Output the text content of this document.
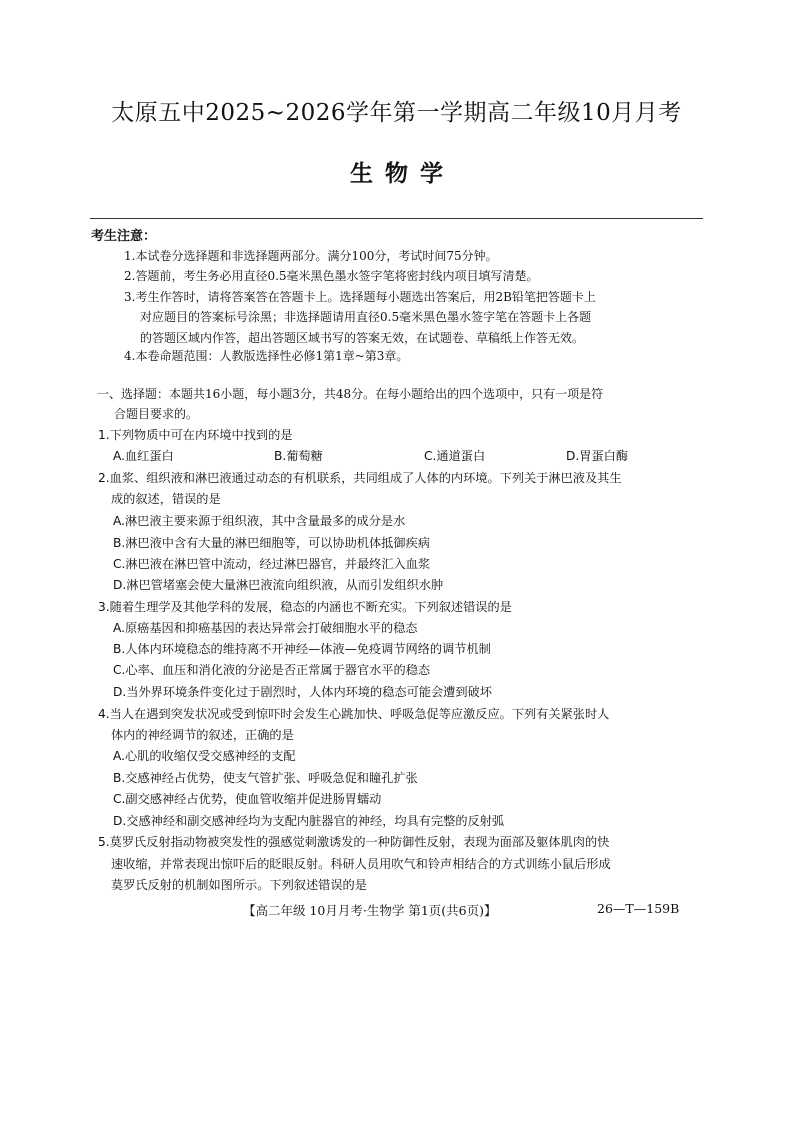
太原五中2025~2026学年第一学期高二年级10月月考
生物学
考生注意：
1.本试卷分选择题和非选择题两部分。满分100分，考试时间75分钟。
2.答题前，考生务必用直径0.5毫米黑色墨水签字笔将密封线内项目填写清楚。
3.考生作答时，请将答案答在答题卡上。选择题每小题选出答案后，用2B铅笔把答题卡上
对应题目的答案标号涂黑；非选择题请用直径0.5毫米黑色墨水签字笔在答题卡上各题
的答题区域内作答，超出答题区域书写的答案无效，在试题卷、草稿纸上作答无效。
4.本卷命题范围：人教版选择性必修1第1章~第3章。
一、选择题：本题共16小题，每小题3分，共48分。在每小题给出的四个选项中，只有一项是符
合题目要求的。
1.下列物质中可在内环境中找到的是
A.血红蛋白	B.葡萄糖	C.通道蛋白	D.胃蛋白酶
2.血浆、组织液和淋巴液通过动态的有机联系，共同组成了人体的内环境。下列关于淋巴液及其生
成的叙述，错误的是
A.淋巴液主要来源于组织液，其中含量最多的成分是水
B.淋巴液中含有大量的淋巴细胞等，可以协助机体抵御疾病
C.淋巴液在淋巴管中流动，经过淋巴器官，并最终汇入血浆
D.淋巴管堵塞会使大量淋巴液流向组织液，从而引发组织水肿
3.随着生理学及其他学科的发展，稳态的内涵也不断充实。下列叙述错误的是
A.原癌基因和抑癌基因的表达异常会打破细胞水平的稳态
B.人体内环境稳态的维持离不开神经—体液—免疫调节网络的调节机制
C.心率、血压和消化液的分泌是否正常属于器官水平的稳态
D.当外界环境条件变化过于剧烈时，人体内环境的稳态可能会遭到破坏
4.当人在遇到突发状况或受到惊吓时会发生心跳加快、呼吸急促等应激反应。下列有关紧张时人
体内的神经调节的叙述，正确的是
A.心肌的收缩仅受交感神经的支配
B.交感神经占优势，使支气管扩张、呼吸急促和瞳孔扩张
C.副交感神经占优势，使血管收缩并促进肠胃蠕动
D.交感神经和副交感神经均为支配内脏器官的神经，均具有完整的反射弧
5.莫罗氏反射指动物被突发性的强感觉刺激诱发的一种防御性反射，表现为面部及躯体肌肉的快
速收缩，并常表现出惊吓后的眨眼反射。科研人员用吹气和铃声相结合的方式训练小鼠后形成
莫罗氏反射的机制如图所示。下列叙述错误的是
【高二年级 10月月考·生物学 第1页(共6页)】	26—T—159B
